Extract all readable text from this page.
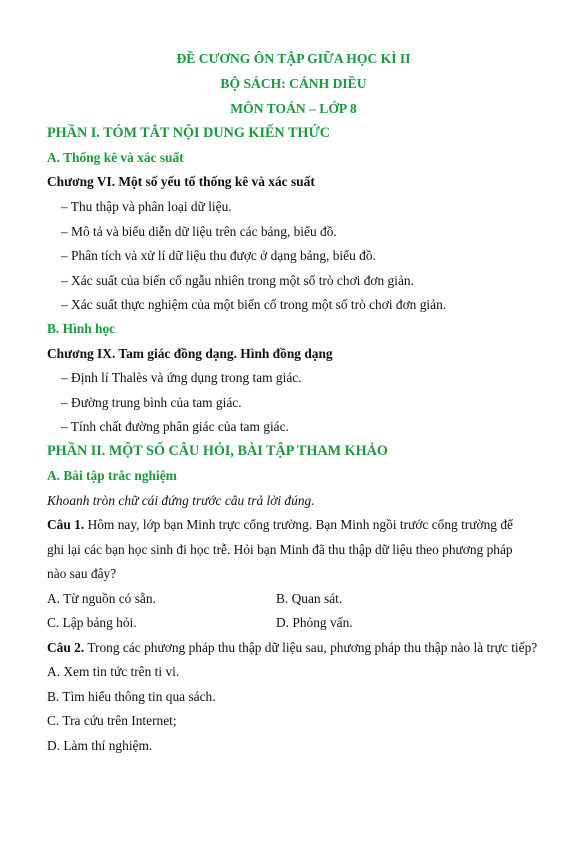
ĐỀ CƯƠNG ÔN TẬP GIỮA HỌC KÌ II
BỘ SÁCH: CÁNH DIỀU
MÔN TOÁN – LỚP 8
PHẦN I. TÓM TẮT NỘI DUNG KIẾN THỨC
A. Thống kê và xác suất
Chương VI. Một số yếu tố thống kê và xác suất
– Thu thập và phân loại dữ liệu.
– Mô tả và biểu diễn dữ liệu trên các bảng, biểu đồ.
– Phân tích và xử lí dữ liệu thu được ở dạng bảng, biểu đồ.
– Xác suất của biến cố ngẫu nhiên trong một số trò chơi đơn giản.
– Xác suất thực nghiệm của một biến cố trong một số trò chơi đơn giản.
B. Hình học
Chương IX. Tam giác đồng dạng. Hình đồng dạng
– Định lí Thalès và ứng dụng trong tam giác.
– Đường trung bình của tam giác.
– Tính chất đường phân giác của tam giác.
PHẦN II. MỘT SỐ CÂU HỎI, BÀI TẬP THAM KHẢO
A. Bài tập trắc nghiệm
Khoanh tròn chữ cái đứng trước câu trả lời đúng.
Câu 1. Hôm nay, lớp bạn Minh trực cổng trường. Bạn Minh ngồi trước cổng trường để
ghi lại các bạn học sinh đi học trễ. Hỏi bạn Minh đã thu thập dữ liệu theo phương pháp
nào sau đây?
A. Từ nguồn có sẵn.	B. Quan sát.
C. Lập bảng hỏi.	D. Phỏng vấn.
Câu 2. Trong các phương pháp thu thập dữ liệu sau, phương pháp thu thập nào là trực tiếp?
A. Xem tin tức trên ti vi.
B. Tìm hiểu thông tin qua sách.
C. Tra cứu trên Internet;
D. Làm thí nghiệm.
